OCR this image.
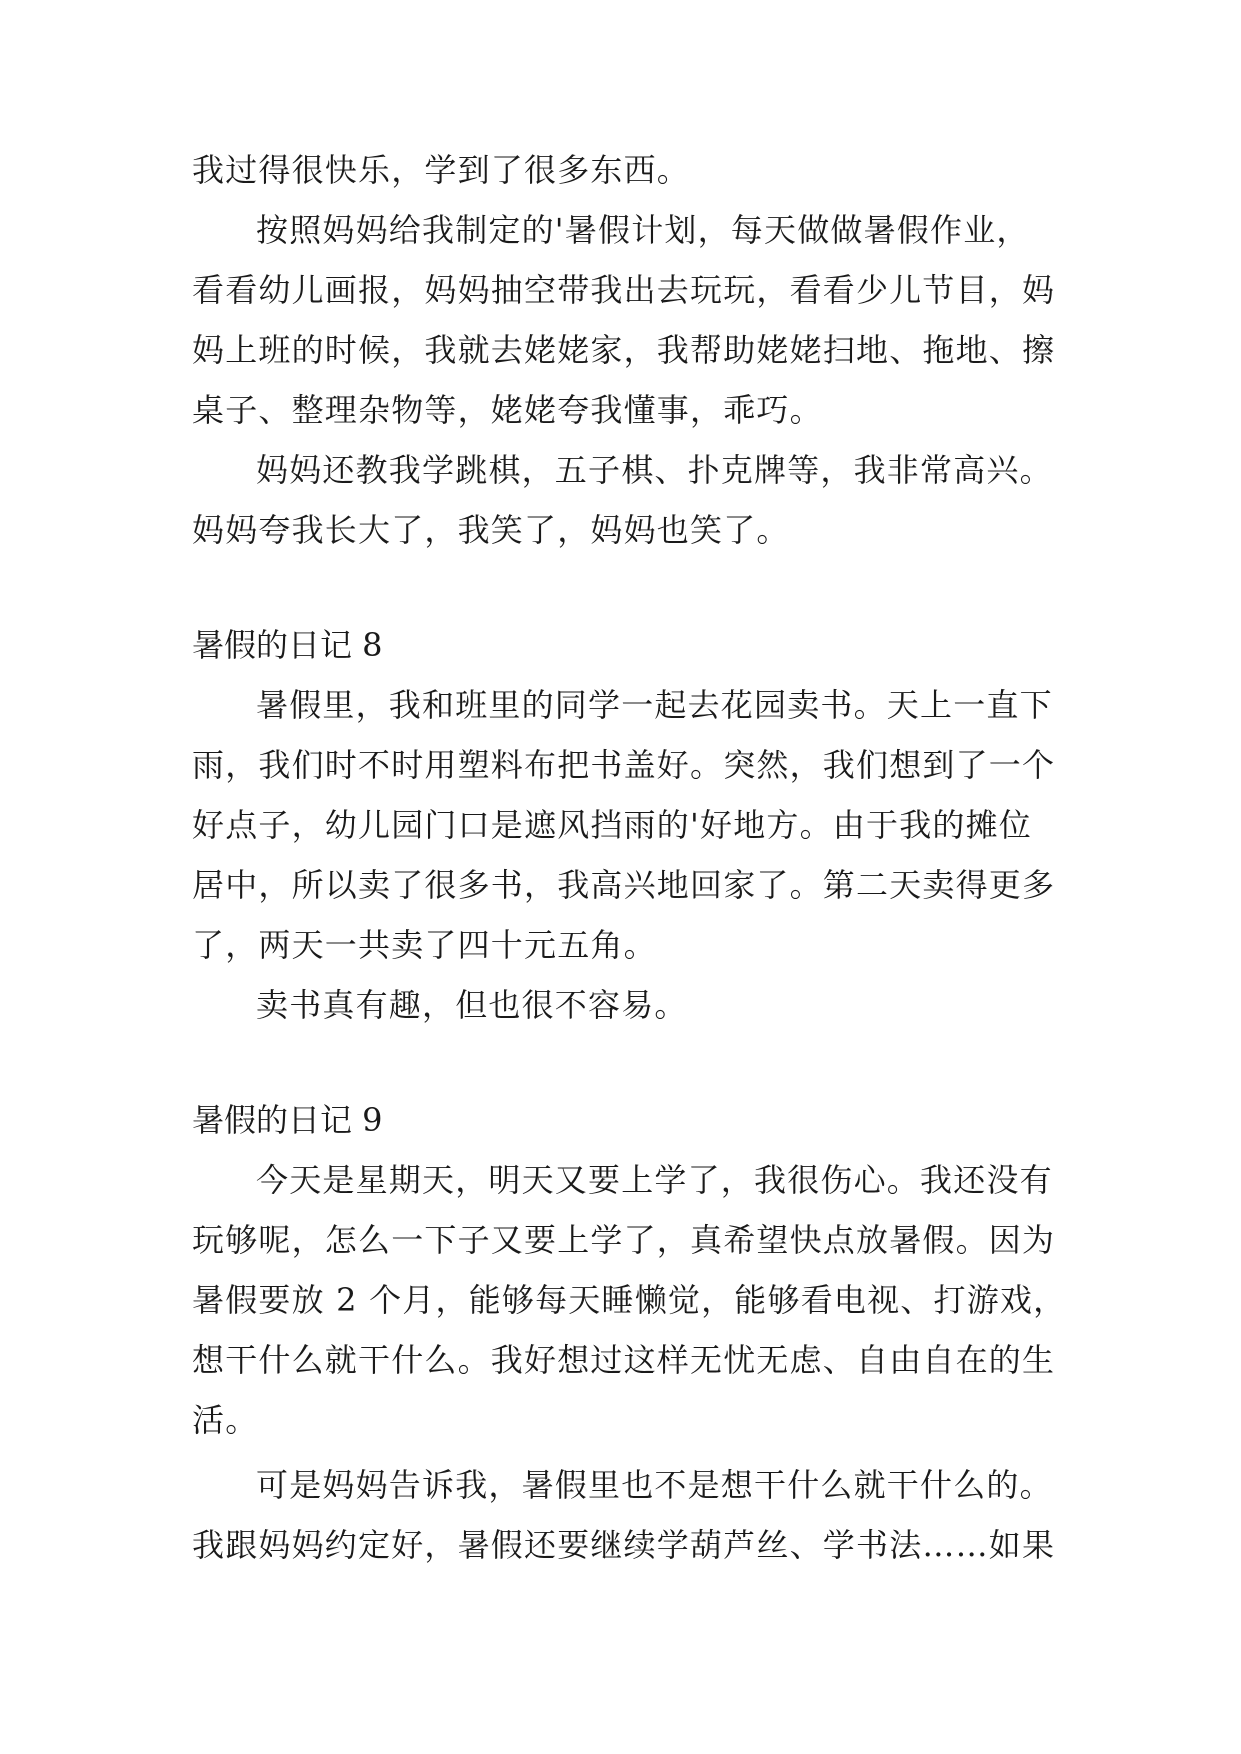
我过得很快乐，学到了很多东西。
按照妈妈给我制定的'暑假计划，每天做做暑假作业，
看看幼儿画报，妈妈抽空带我出去玩玩，看看少儿节目，妈
妈上班的时候，我就去姥姥家，我帮助姥姥扫地、拖地、擦
桌子、整理杂物等，姥姥夸我懂事，乖巧。
妈妈还教我学跳棋，五子棋、扑克牌等，我非常高兴。
妈妈夸我长大了，我笑了，妈妈也笑了。
暑假的日记 8
暑假里，我和班里的同学一起去花园卖书。天上一直下
雨，我们时不时用塑料布把书盖好。突然，我们想到了一个
好点子，幼儿园门口是遮风挡雨的'好地方。由于我的摊位
居中，所以卖了很多书，我高兴地回家了。第二天卖得更多
了，两天一共卖了四十元五角。
卖书真有趣，但也很不容易。
暑假的日记 9
今天是星期天，明天又要上学了，我很伤心。我还没有
玩够呢，怎么一下子又要上学了，真希望快点放暑假。因为
暑假要放 2 个月，能够每天睡懒觉，能够看电视、打游戏，
想干什么就干什么。我好想过这样无忧无虑、自由自在的生
活。
可是妈妈告诉我，暑假里也不是想干什么就干什么的。
我跟妈妈约定好，暑假还要继续学葫芦丝、学书法……如果
